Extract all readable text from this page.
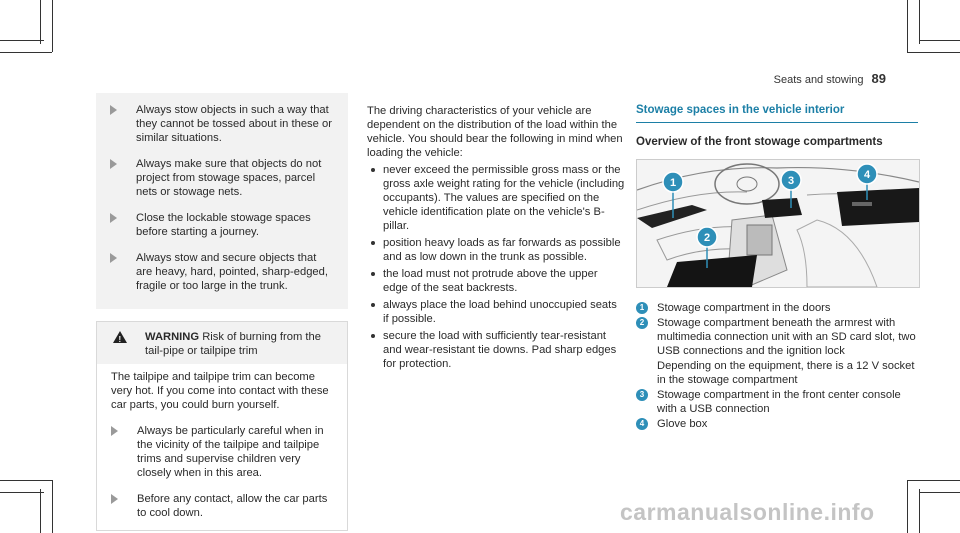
Seats and stowing 89
Always stow objects in such a way that they cannot be tossed about in these or similar situations.
Always make sure that objects do not project from stowage spaces, parcel nets or stowage nets.
Close the lockable stowage spaces before starting a journey.
Always stow and secure objects that are heavy, hard, pointed, sharp-edged, fragile or too large in the trunk.
!	WARNING Risk of burning from the tail-pipe or tailpipe trim

The tailpipe and tailpipe trim can become very hot. If you come into contact with these car parts, you could burn yourself.

Always be particularly careful when in the vicinity of the tailpipe and tailpipe trims and supervise children very closely when in this area.
Before any contact, allow the car parts to cool down.

The driving characteristics of your vehicle are dependent on the distribution of the load within the vehicle. You should bear the following in mind when loading the vehicle:

never exceed the permissible gross mass or the gross axle weight rating for the vehicle (including occupants). The values are specified on the vehicle identification plate on the vehicle's B-pillar.
position heavy loads as far forwards as possible and as low down in the trunk as possible.
the load must not protrude above the upper edge of the seat backrests.
always place the load behind unoccupied seats if possible.
secure the load with sufficiently tear-resistant and wear-resistant tie downs. Pad sharp edges for protection.
Stowage spaces in the vehicle interior
Overview of the front stowage compartments
1
2
3	4
1	Stowage compartment in the doors
2	Stowage compartment beneath the armrest with multimedia connection unit with an SD card slot, two USB connections and the ignition lock
Depending on the equipment, there is a 12 V socket in the stowage compartment
3	Stowage compartment in the front center console with a USB connection
4	Glove box
carmanualsonline.info
